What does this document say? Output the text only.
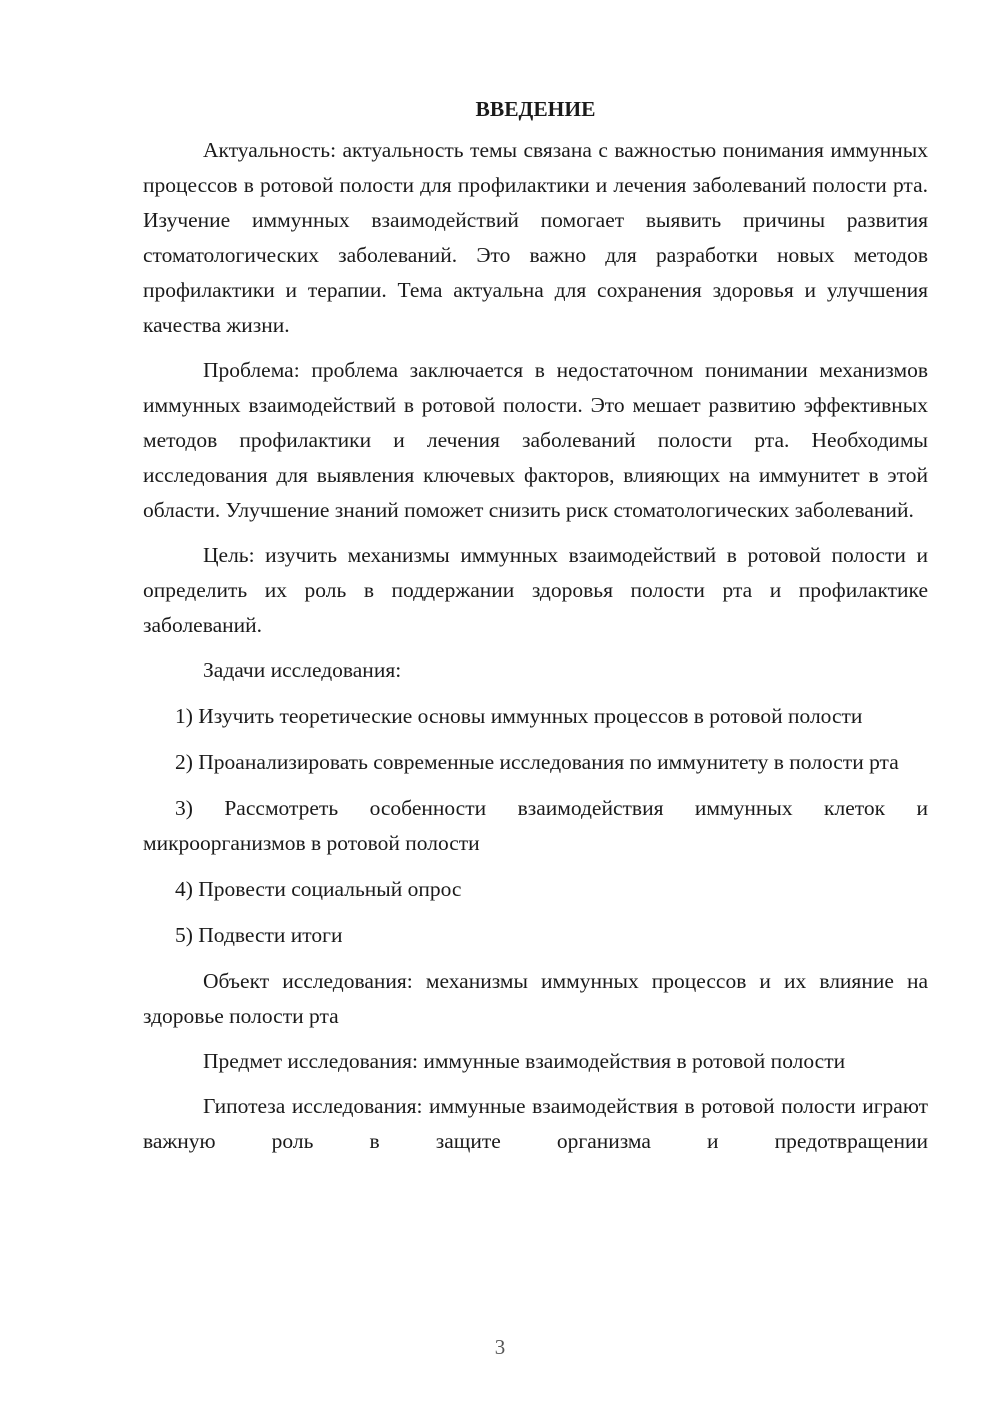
ВВЕДЕНИЕ

Актуальность: актуальность темы связана с важностью понимания иммунных процессов в ротовой полости для профилактики и лечения заболеваний полости рта. Изучение иммунных взаимодействий помогает выявить причины развития стоматологических заболеваний. Это важно для разработки новых методов профилактики и терапии. Тема актуальна для сохранения здоровья и улучшения качества жизни.

Проблема: проблема заключается в недостаточном понимании механизмов иммунных взаимодействий в ротовой полости. Это мешает развитию эффективных методов профилактики и лечения заболеваний полости рта. Необходимы исследования для выявления ключевых факторов, влияющих на иммунитет в этой области. Улучшение знаний поможет снизить риск стоматологических заболеваний.

Цель: изучить механизмы иммунных взаимодействий в ротовой полости и определить их роль в поддержании здоровья полости рта и профилактике заболеваний.

Задачи исследования:

1) Изучить теоретические основы иммунных процессов в ротовой полости

2) Проанализировать современные исследования по иммунитету в полости рта

3) Рассмотреть особенности взаимодействия иммунных клеток и микроорганизмов в ротовой полости

4) Провести социальный опрос

5) Подвести итоги

Объект исследования: механизмы иммунных процессов и их влияние на здоровье полости рта

Предмет исследования: иммунные взаимодействия в ротовой полости

Гипотеза исследования: иммунные взаимодействия в ротовой полости играют важную роль в защите организма и предотвращении

3
